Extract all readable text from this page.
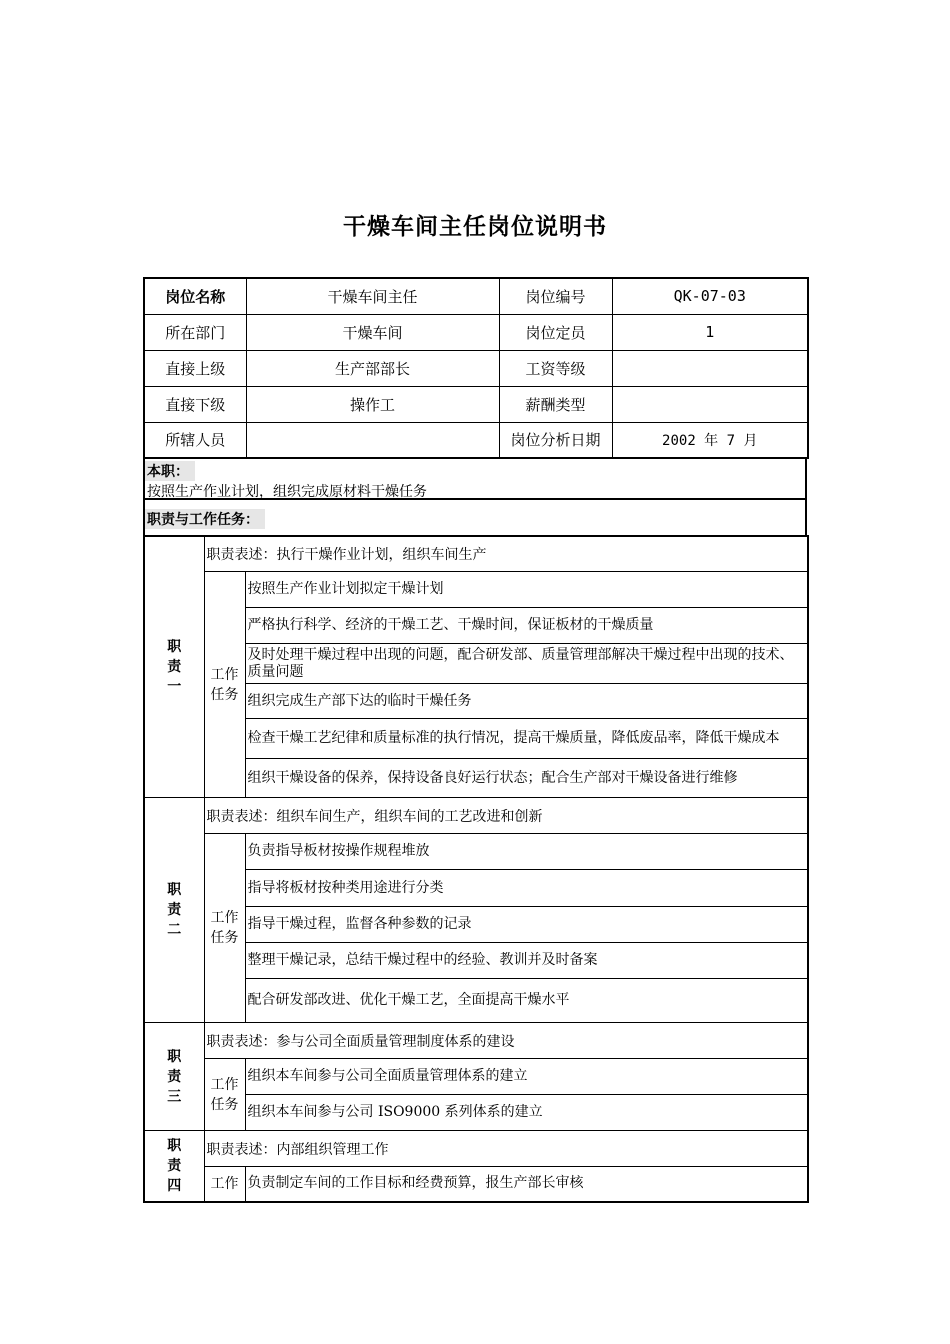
干燥车间主任岗位说明书
岗位名称	干燥车间主任	岗位编号	QK-07-03
所在部门	干燥车间	岗位定员	1
直接上级	生产部部长	工资等级	
直接下级	操作工	薪酬类型	
所辖人员		岗位分析日期	2002 年 7 月
本职：
按照生产作业计划，组织完成原材料干燥任务
职责与工作任务：
职责一	职责表述：执行干燥作业计划，组织车间生产	

	工作任务	按照生产作业计划拟定干燥计划
		严格执行科学、经济的干燥工艺、干燥时间，保证板材的干燥质量
		及时处理干燥过程中出现的问题，配合研发部、质量管理部解决干燥过程中出现的技术、质量问题
		组织完成生产部下达的临时干燥任务
		检查干燥工艺纪律和质量标准的执行情况，提高干燥质量，降低废品率，降低干燥成本
		组织干燥设备的保养，保持设备良好运行状态；配合生产部对干燥设备进行维修

职责二	职责表述：组织车间生产，组织车间的工艺改进和创新	

	工作任务	负责指导板材按操作规程堆放
		指导将板材按种类用途进行分类
		指导干燥过程，监督各种参数的记录
		整理干燥记录，总结干燥过程中的经验、教训并及时备案
		配合研发部改进、优化干燥工艺，全面提高干燥水平

职责三	职责表述：参与公司全面质量管理制度体系的建设	

	工作任务	组织本车间参与公司全面质量管理体系的建立
		组织本车间参与公司 ISO9000 系列体系的建立

职责四	职责表述：内部组织管理工作	
	工作	负责制定车间的工作目标和经费预算，报生产部长审核
